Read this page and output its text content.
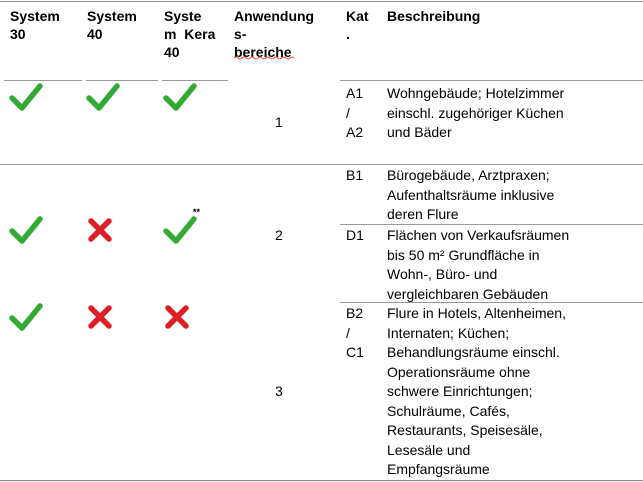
System
30
System
40
Syste
m  Kera
40
Anwendung
s-
bereiche
Kat
.
Beschreibung
1
A1
/
A2
Wohngebäude; Hotelzimmer
einschl. zugehöriger Küchen
und Bäder
**
2
B1 Bürogebäude, Arztpraxen;
Aufenthaltsräume inklusive
deren Flure
D1 Flächen von Verkaufsräumen
bis 50 m² Grundfläche in
Wohn-, Büro- und
vergleichbaren Gebäuden
3
B2
/
C1
Flure in Hotels, Altenheimen,
Internaten; Küchen;
Behandlungsräume einschl.
Operationsräume ohne
schwere Einrichtungen;
Schulräume, Cafés,
Restaurants, Speisesäle,
Lesesäle und
Empfangsräume
